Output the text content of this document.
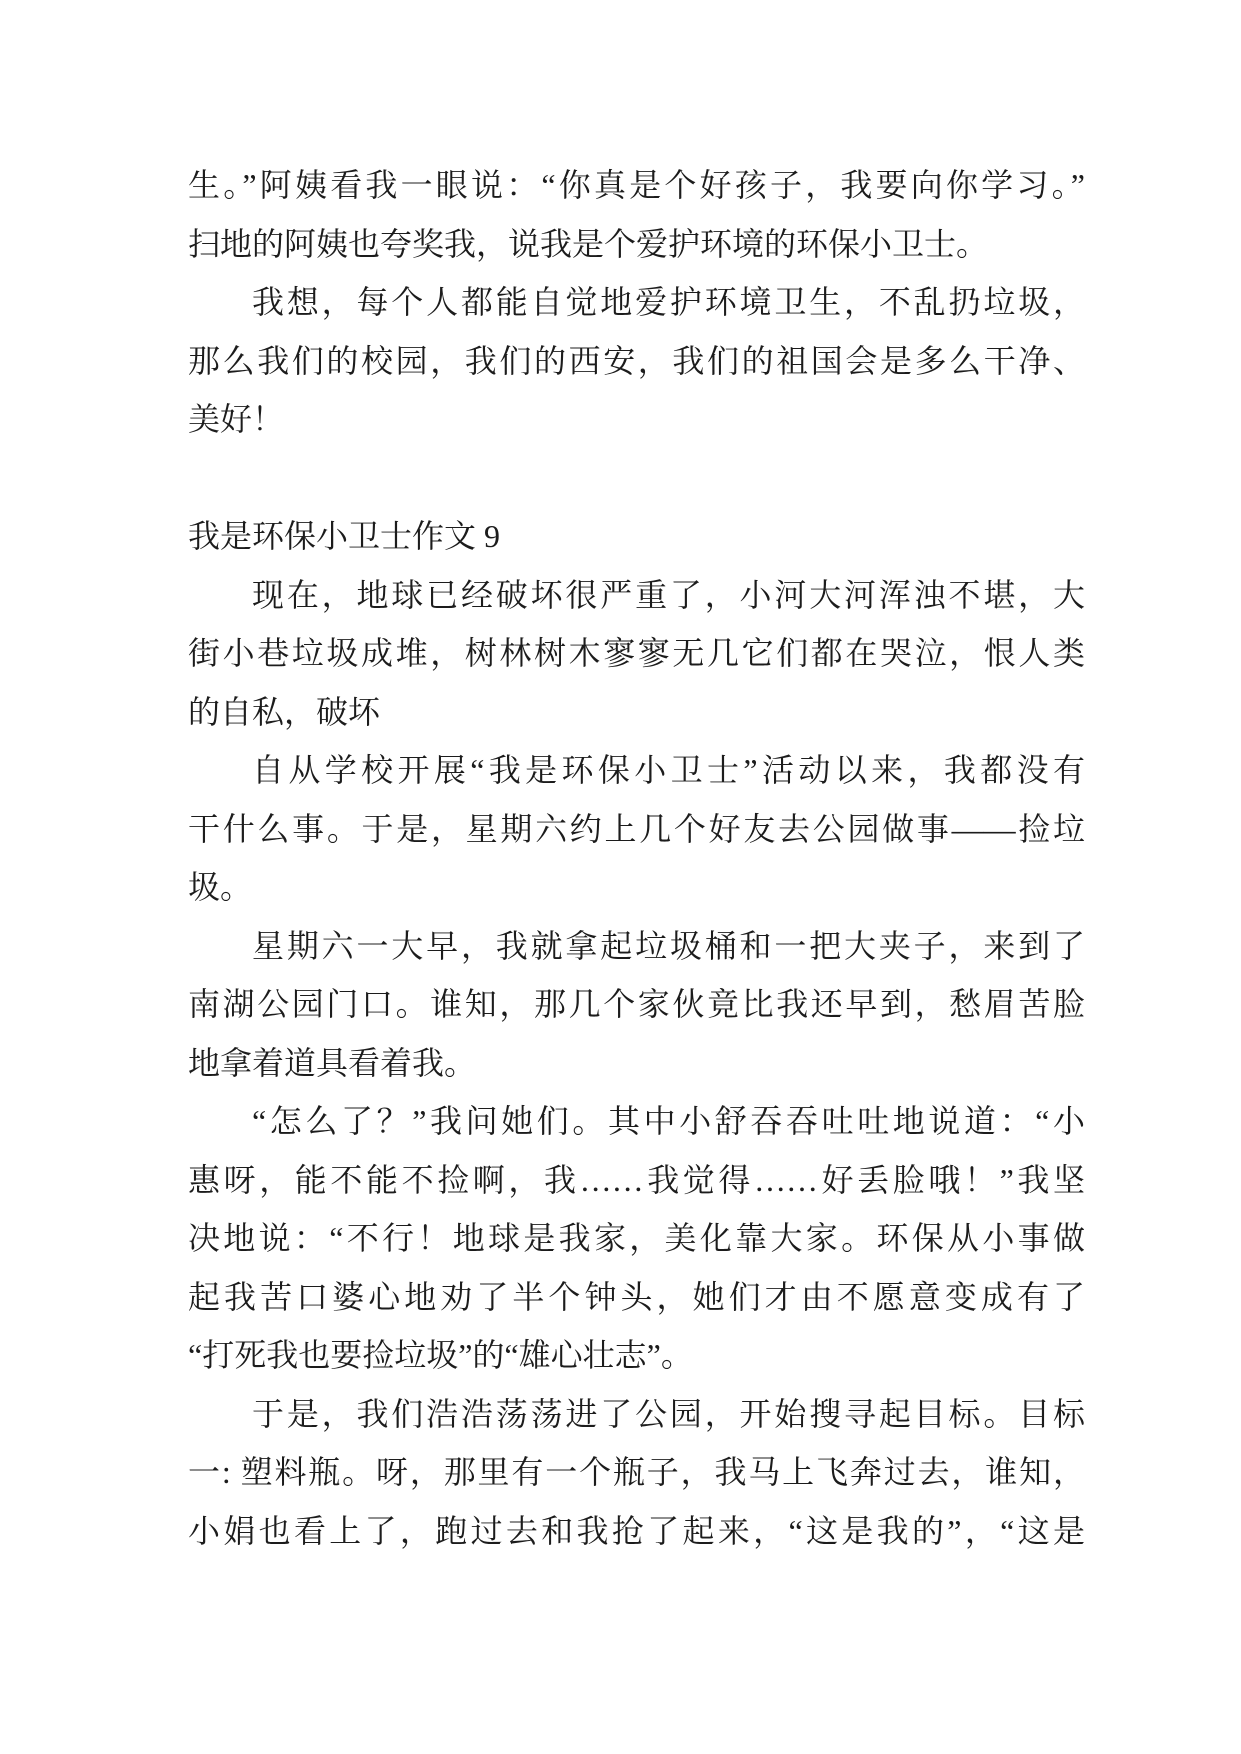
生。”阿姨看我一眼说：“你真是个好孩子，我要向你学习。”
扫地的阿姨也夸奖我，说我是个爱护环境的环保小卫士。
我想，每个人都能自觉地爱护环境卫生，不乱扔垃圾，
那么我们的校园，我们的西安，我们的祖国会是多么干净、
美好！
我是环保小卫士作文 9
现在，地球已经破坏很严重了，小河大河浑浊不堪，大
街小巷垃圾成堆，树林树木寥寥无几它们都在哭泣，恨人类
的自私，破坏
自从学校开展“我是环保小卫士”活动以来，我都没有
干什么事。于是，星期六约上几个好友去公园做事——捡垃
圾。
星期六一大早，我就拿起垃圾桶和一把大夹子，来到了
南湖公园门口。谁知，那几个家伙竟比我还早到，愁眉苦脸
地拿着道具看着我。
“怎么了？”我问她们。其中小舒吞吞吐吐地说道：“小
惠呀，能不能不捡啊，我……我觉得……好丢脸哦！”我坚
决地说：“不行！地球是我家，美化靠大家。环保从小事做
起我苦口婆心地劝了半个钟头，她们才由不愿意变成有了
“打死我也要捡垃圾”的“雄心壮志”。
于是，我们浩浩荡荡进了公园，开始搜寻起目标。目标
一: 塑料瓶。呀，那里有一个瓶子，我马上飞奔过去，谁知，
小娟也看上了，跑过去和我抢了起来，“这是我的”，“这是
